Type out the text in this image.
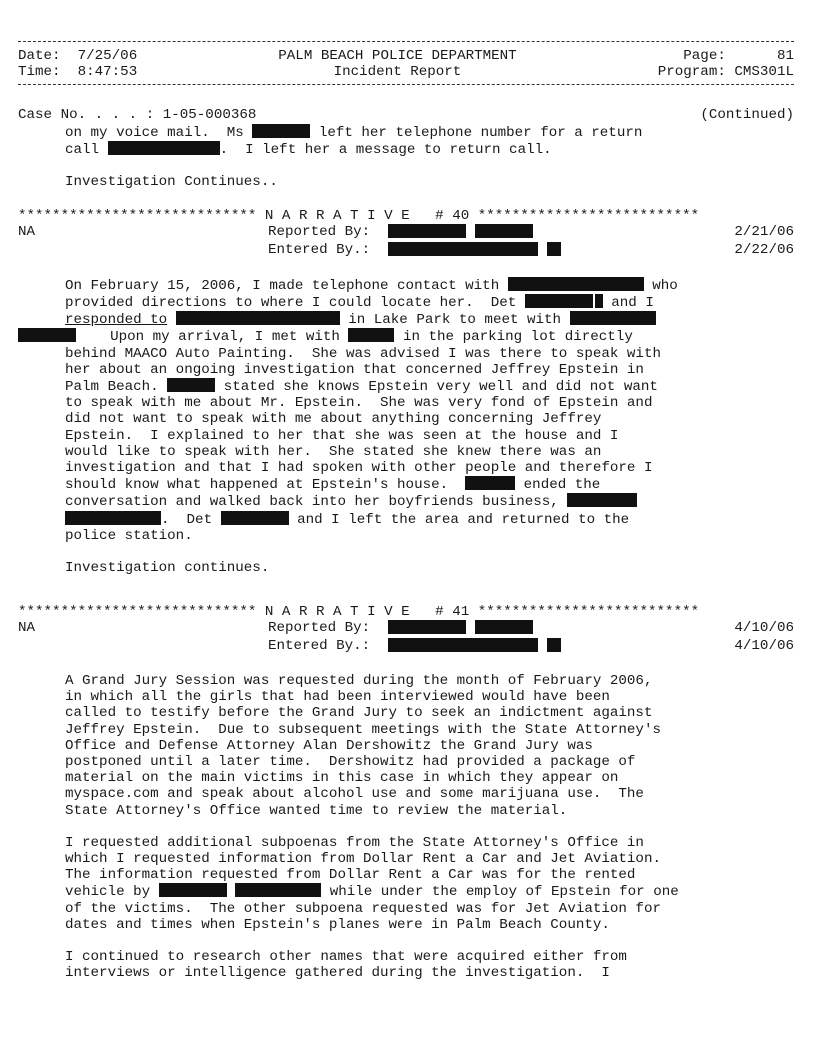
Date: 7/25/06
Time: 8:47:53
PALM BEACH POLICE DEPARTMENT
Incident Report
Page:	81
Program: CMS301L
Case No. . . . : 1-05-000368	(Continued)
on my voice mail.  Ms	left her telephone number for a return
call	.  I left her a message to return call.
Investigation Continues..
**************************** N A R R A T I V E   # 40 **************************
NA	Reported By:
	2/21/06
Entered By.:
	2/22/06
On February 15, 2006, I made telephone contact with	who
provided directions to where I could locate her.  Det	and I
responded to	in Lake Park to meet with
Upon my arrival, I met with	in the parking lot directly
behind MAACO Auto Painting.  She was advised I was there to speak with
her about an ongoing investigation that concerned Jeffrey Epstein in
Palm Beach.	stated she knows Epstein very well and did not want
to speak with me about Mr. Epstein.  She was very fond of Epstein and
did not want to speak with me about anything concerning Jeffrey
Epstein.  I explained to her that she was seen at the house and I
would like to speak with her.  She stated she knew there was an
investigation and that I had spoken with other people and therefore I
should know what happened at Epstein's house.	ended the
conversation and walked back into her boyfriends business,
.  Det	and I left the area and returned to the
police station.
Investigation continues.
**************************** N A R R A T I V E   # 41 **************************
NA	Reported By:
	4/10/06
Entered By.:
	4/10/06
A Grand Jury Session was requested during the month of February 2006,
in which all the girls that had been interviewed would have been
called to testify before the Grand Jury to seek an indictment against
Jeffrey Epstein.  Due to subsequent meetings with the State Attorney's
Office and Defense Attorney Alan Dershowitz the Grand Jury was
postponed until a later time.  Dershowitz had provided a package of
material on the main victims in this case in which they appear on
myspace.com and speak about alcohol use and some marijuana use.  The
State Attorney's Office wanted time to review the material.
I requested additional subpoenas from the State Attorney's Office in
which I requested information from Dollar Rent a Car and Jet Aviation.
The information requested from Dollar Rent a Car was for the rented
vehicle by	while under the employ of Epstein for one
of the victims.  The other subpoena requested was for Jet Aviation for
dates and times when Epstein's planes were in Palm Beach County.
I continued to research other names that were acquired either from
interviews or intelligence gathered during the investigation.  I
